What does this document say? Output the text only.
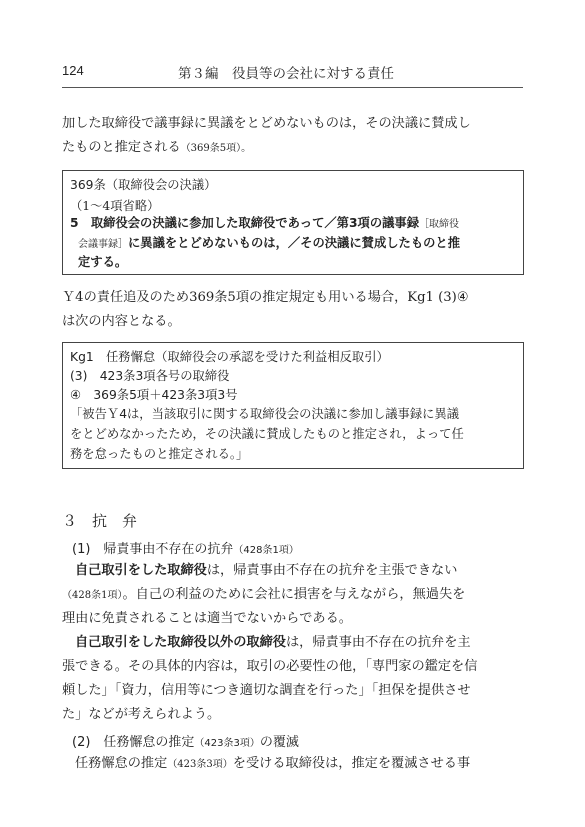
124	第３編　役員等の会社に対する責任
加した取締役で議事録に異議をとどめないものは，その決議に賛成し
たものと推定される（369条5項）。
369条（取締役会の決議）
（1〜4項省略）
5　取締役会の決議に参加した取締役であって／第3項の議事録［取締役
会議事録］に異議をとどめないものは，／その決議に賛成したものと推
定する。
Ｙ4の責任追及のため369条5項の推定規定も用いる場合，Kg1 (3)④
は次の内容となる。
Kg1　任務懈怠（取締役会の承認を受けた利益相反取引）
(3)　423条3項各号の取締役
④　369条5項＋423条3項3号
「被告Ｙ4は，当該取引に関する取締役会の決議に参加し議事録に異議
をとどめなかったため，その決議に賛成したものと推定され，よって任
務を怠ったものと推定される。」
３　抗　弁
(1)　帰責事由不存在の抗弁（428条1項）
自己取引をした取締役は，帰責事由不存在の抗弁を主張できない
（428条1項）。自己の利益のために会社に損害を与えながら，無過失を
理由に免責されることは適当でないからである。
自己取引をした取締役以外の取締役は，帰責事由不存在の抗弁を主
張できる。その具体的内容は，取引の必要性の他，「専門家の鑑定を信
頼した」「資力，信用等につき適切な調査を行った」「担保を提供させ
た」などが考えられよう。
(2)　任務懈怠の推定（423条3項）の覆滅
任務懈怠の推定（423条3項）を受ける取締役は，推定を覆滅させる事
